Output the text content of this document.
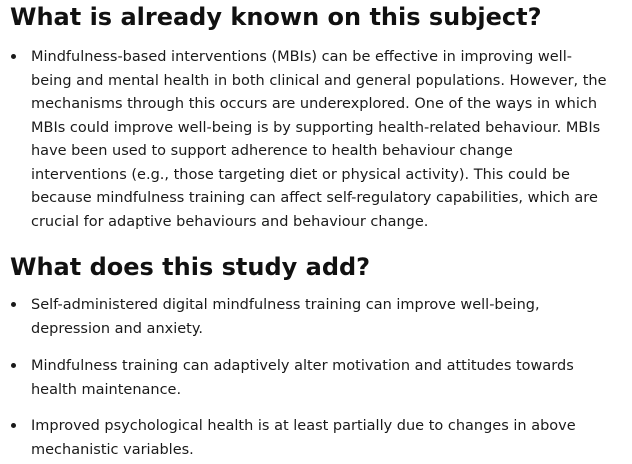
What is already known on this subject?
Mindfulness-based interventions (MBIs) can be effective in improving well-
being and mental health in both clinical and general populations. However, the
mechanisms through this occurs are underexplored. One of the ways in which
MBIs could improve well-being is by supporting health-related behaviour. MBIs
have been used to support adherence to health behaviour change
interventions (e.g., those targeting diet or physical activity). This could be
because mindfulness training can affect self-regulatory capabilities, which are
crucial for adaptive behaviours and behaviour change.
What does this study add?
Self-administered digital mindfulness training can improve well-being,
depression and anxiety.
Mindfulness training can adaptively alter motivation and attitudes towards
health maintenance.
Improved psychological health is at least partially due to changes in above
mechanistic variables.
